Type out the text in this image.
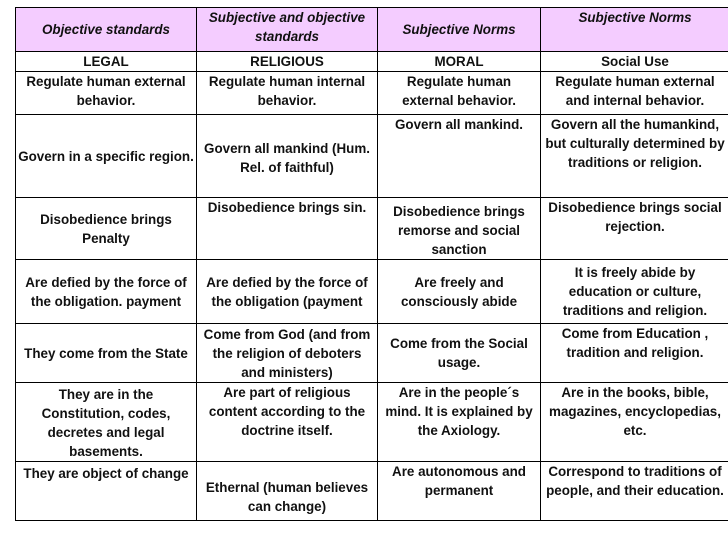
Objective standards	Subjective and objective standards	Subjective Norms	Subjective Norms
LEGAL	RELIGIOUS	MORAL	Social Use
Regulate human external behavior.	Regulate human internal behavior.	Regulate human external behavior.	Regulate human external and internal behavior.
Govern in a specific region.	Govern all mankind (Hum. Rel. of faithful)	Govern all mankind.	Govern all the humankind, but culturally determined by traditions or religion.
Disobedience brings Penalty	Disobedience brings sin.	Disobedience brings remorse and social sanction	Disobedience brings social rejection.
Are defied by the force of the obligation. payment	Are defied by the force of the obligation (payment	Are freely and consciously abide	It is freely abide by education or culture, traditions and religion.
They come from the State	Come from God (and from the religion of deboters and ministers)	Come from the Social usage.	Come from Education , tradition and religion.
They are in the Constitution, codes, decretes and legal basements.	Are part of religious content according to the doctrine itself.	Are in the people´s mind. It is explained by the Axiology.	Are in the books, bible, magazines, encyclopedias, etc.
They are object of change	Ethernal (human believes can change)	Are autonomous and permanent	Correspond to traditions of people, and their education.
